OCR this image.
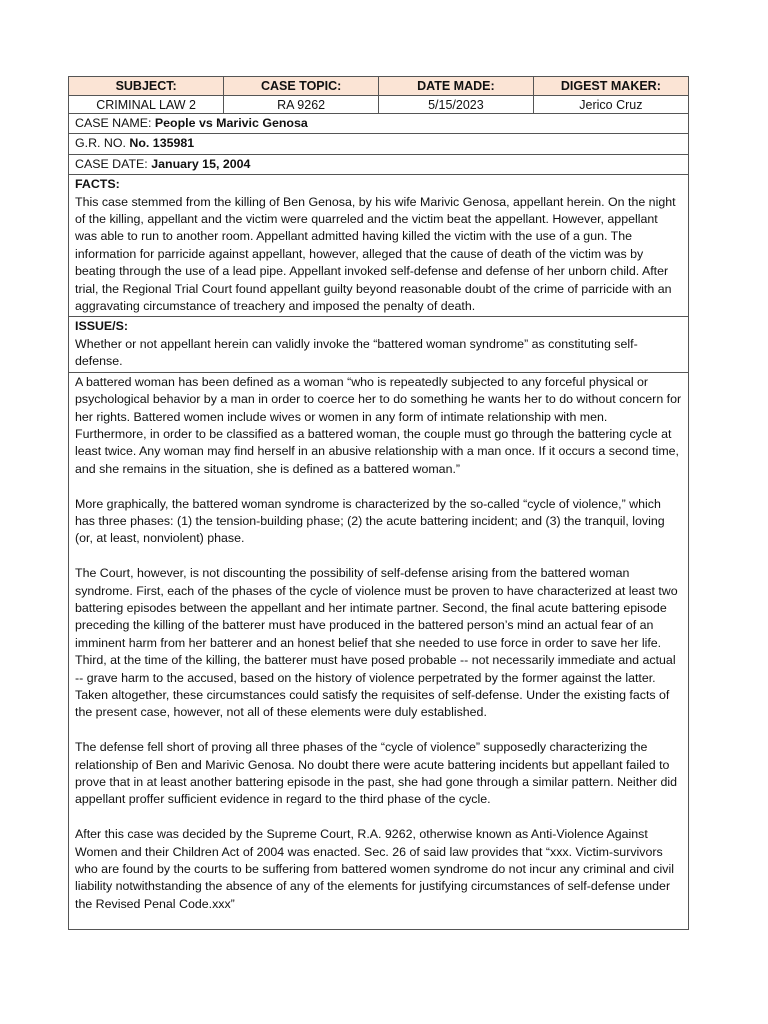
SUBJECT:	CASE TOPIC:	DATE MADE:	DIGEST MAKER:
CRIMINAL LAW 2	RA 9262	5/15/2023	Jerico Cruz
CASE NAME: People vs Marivic Genosa
G.R. NO. No. 135981
CASE DATE: January 15, 2004

FACTS:

This case stemmed from the killing of Ben Genosa, by his wife Marivic Genosa, appellant herein. On the night of the killing, appellant and the victim were quarreled and the victim beat the appellant. However, appellant was able to run to another room. Appellant admitted having killed the victim with the use of a gun. The information for parricide against appellant, however, alleged that the cause of death of the victim was by beating through the use of a lead pipe. Appellant invoked self-defense and defense of her unborn child. After trial, the Regional Trial Court found appellant guilty beyond reasonable doubt of the crime of parricide with an aggravating circumstance of treachery and imposed the penalty of death.

ISSUE/S:

Whether or not appellant herein can validly invoke the “battered woman syndrome” as constituting self-defense.

A battered woman has been defined as a woman “who is repeatedly subjected to any forceful physical or psychological behavior by a man in order to coerce her to do something he wants her to do without concern for her rights. Battered women include wives or women in any form of intimate relationship with men. Furthermore, in order to be classified as a battered woman, the couple must go through the battering cycle at least twice. Any woman may find herself in an abusive relationship with a man once. If it occurs a second time, and she remains in the situation, she is defined as a battered woman.”

More graphically, the battered woman syndrome is characterized by the so-called “cycle of violence,” which has three phases: (1) the tension-building phase; (2) the acute battering incident; and (3) the tranquil, loving (or, at least, nonviolent) phase.

The Court, however, is not discounting the possibility of self-defense arising from the battered woman syndrome. First, each of the phases of the cycle of violence must be proven to have characterized at least two battering episodes between the appellant and her intimate partner. Second, the final acute battering episode preceding the killing of the batterer must have produced in the battered person’s mind an actual fear of an imminent harm from her batterer and an honest belief that she needed to use force in order to save her life. Third, at the time of the killing, the batterer must have posed probable -- not necessarily immediate and actual -- grave harm to the accused, based on the history of violence perpetrated by the former against the latter. Taken altogether, these circumstances could satisfy the requisites of self-defense. Under the existing facts of the present case, however, not all of these elements were duly established.

The defense fell short of proving all three phases of the “cycle of violence” supposedly characterizing the relationship of Ben and Marivic Genosa. No doubt there were acute battering incidents but appellant failed to prove that in at least another battering episode in the past, she had gone through a similar pattern. Neither did appellant proffer sufficient evidence in regard to the third phase of the cycle.

After this case was decided by the Supreme Court, R.A. 9262, otherwise known as Anti-Violence Against Women and their Children Act of 2004 was enacted. Sec. 26 of said law provides that “xxx. Victim-survivors who are found by the courts to be suffering from battered women syndrome do not incur any criminal and civil liability notwithstanding the absence of any of the elements for justifying circumstances of self-defense under the Revised Penal Code.xxx”
